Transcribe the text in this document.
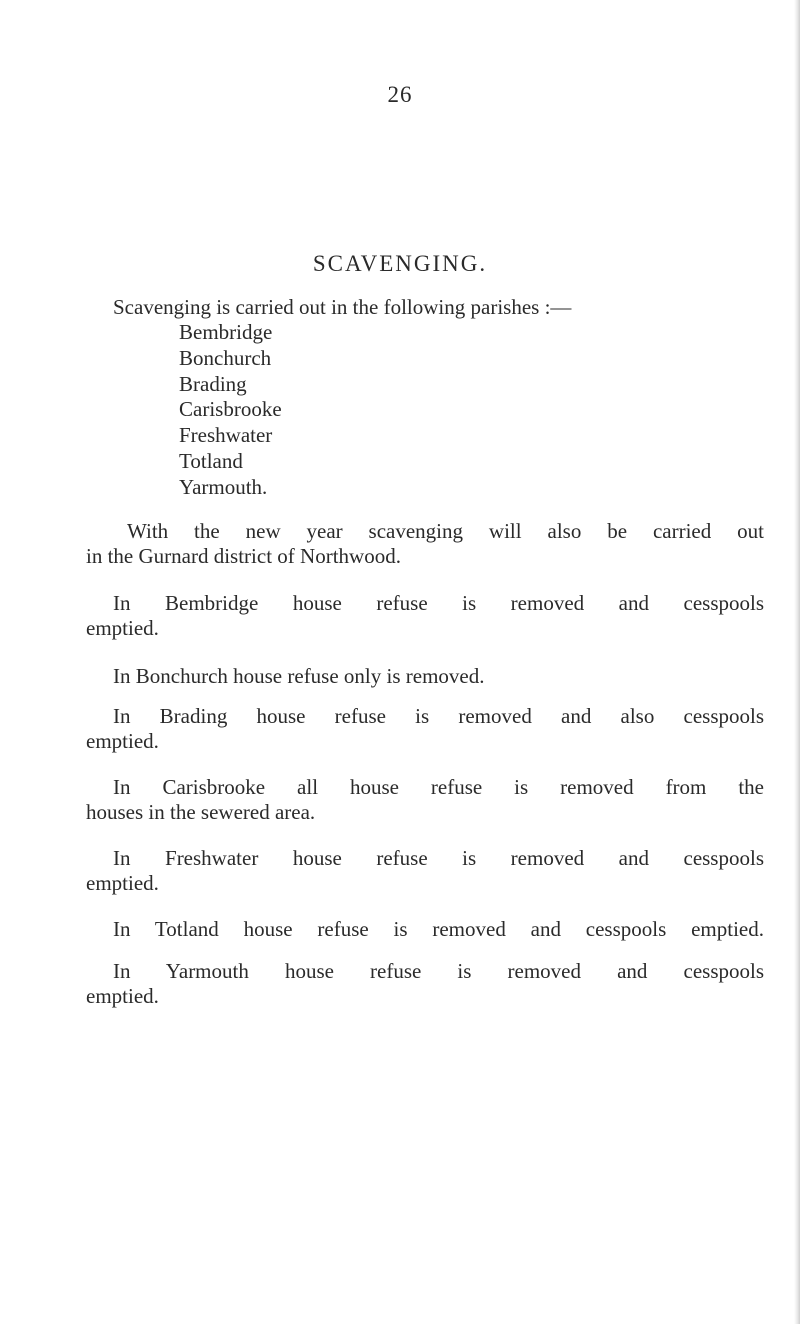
26
SCAVENGING.
Scavenging is carried out in the following parishes :—
Bembridge
Bonchurch
Brading
Carisbrooke
Freshwater
Totland
Yarmouth.
With the new year scavenging will also be carried out
in the Gurnard district of Northwood.
In Bembridge house refuse is removed and cesspools
emptied.
In Bonchurch house refuse only is removed.
In Brading house refuse is removed and also cesspools
emptied.
In Carisbrooke all house refuse is removed from the
houses in the sewered area.
In Freshwater house refuse is removed and cesspools
emptied.
In Totland house refuse is removed and cesspools emptied.
In Yarmouth house refuse is removed and cesspools
emptied.
